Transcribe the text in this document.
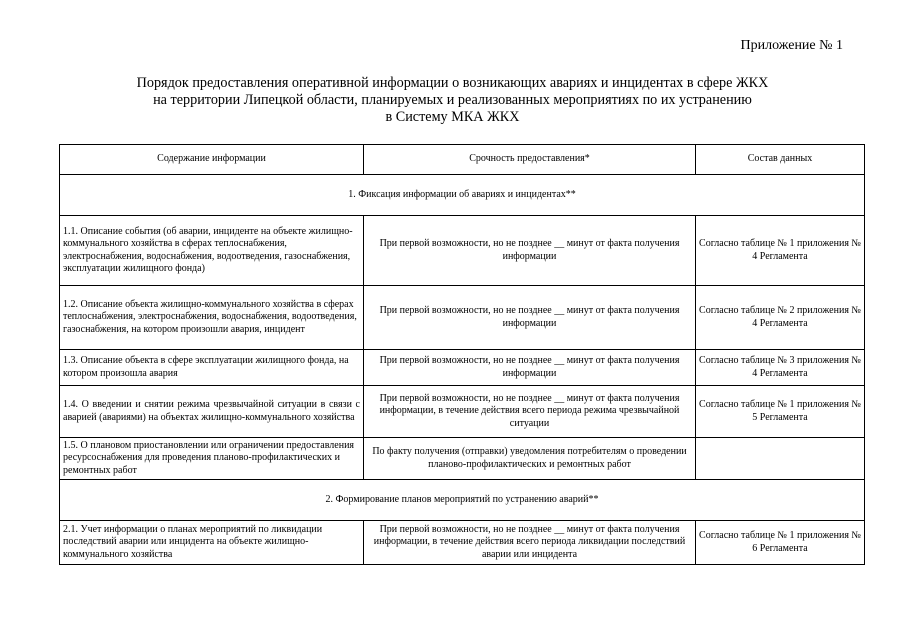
Приложение № 1
Порядок предоставления оперативной информации о возникающих авариях и инцидентах в сфере ЖКХ
на территории Липецкой области, планируемых и реализованных мероприятиях по их устранению
в Систему МКА ЖКХ
Содержание информации	Срочность предоставления*	Состав данных
1. Фиксация информации об авариях и инцидентах**		
1.1. Описание события (об аварии, инциденте на объекте жилищно-коммунального хозяйства в сферах теплоснабжения, электроснабжения, водоснабжения, водоотведения, газоснабжения, эксплуатации жилищного фонда)	При первой возможности, но не позднее __ минут от факта получения информации	Согласно таблице № 1 приложения № 4 Регламента
1.2. Описание объекта жилищно-коммунального хозяйства в сферах теплоснабжения, электроснабжения, водоснабжения, водоотведения, газоснабжения, на котором произошли авария, инцидент	При первой возможности, но не позднее __ минут от факта получения информации	Согласно таблице № 2 приложения № 4 Регламента
1.3. Описание объекта в сфере эксплуатации жилищного фонда, на котором произошла авария	При первой возможности, но не позднее __ минут от факта получения информации	Согласно таблице № 3 приложения № 4 Регламента
1.4. О введении и снятии режима чрезвычайной ситуации в связи с аварией (авариями) на объектах жилищно-коммунального хозяйства	При первой возможности, но не позднее __ минут от факта получения информации, в течение действия всего периода режима чрезвычайной ситуации	Согласно таблице № 1 приложения № 5 Регламента
1.5. О плановом приостановлении или ограничении предоставления ресурсоснабжения для проведения планово-профилактических и ремонтных работ	По факту получения (отправки) уведомления потребителям о проведении планово-профилактических и ремонтных работ	
2. Формирование планов мероприятий по устранению аварий**		
2.1. Учет информации о планах мероприятий по ликвидации последствий аварии или инцидента на объекте жилищно-коммунального хозяйства	При первой возможности, но не позднее __ минут от факта получения информации, в течение действия всего периода ликвидации последствий аварии или инцидента	Согласно таблице № 1 приложения № 6 Регламента
